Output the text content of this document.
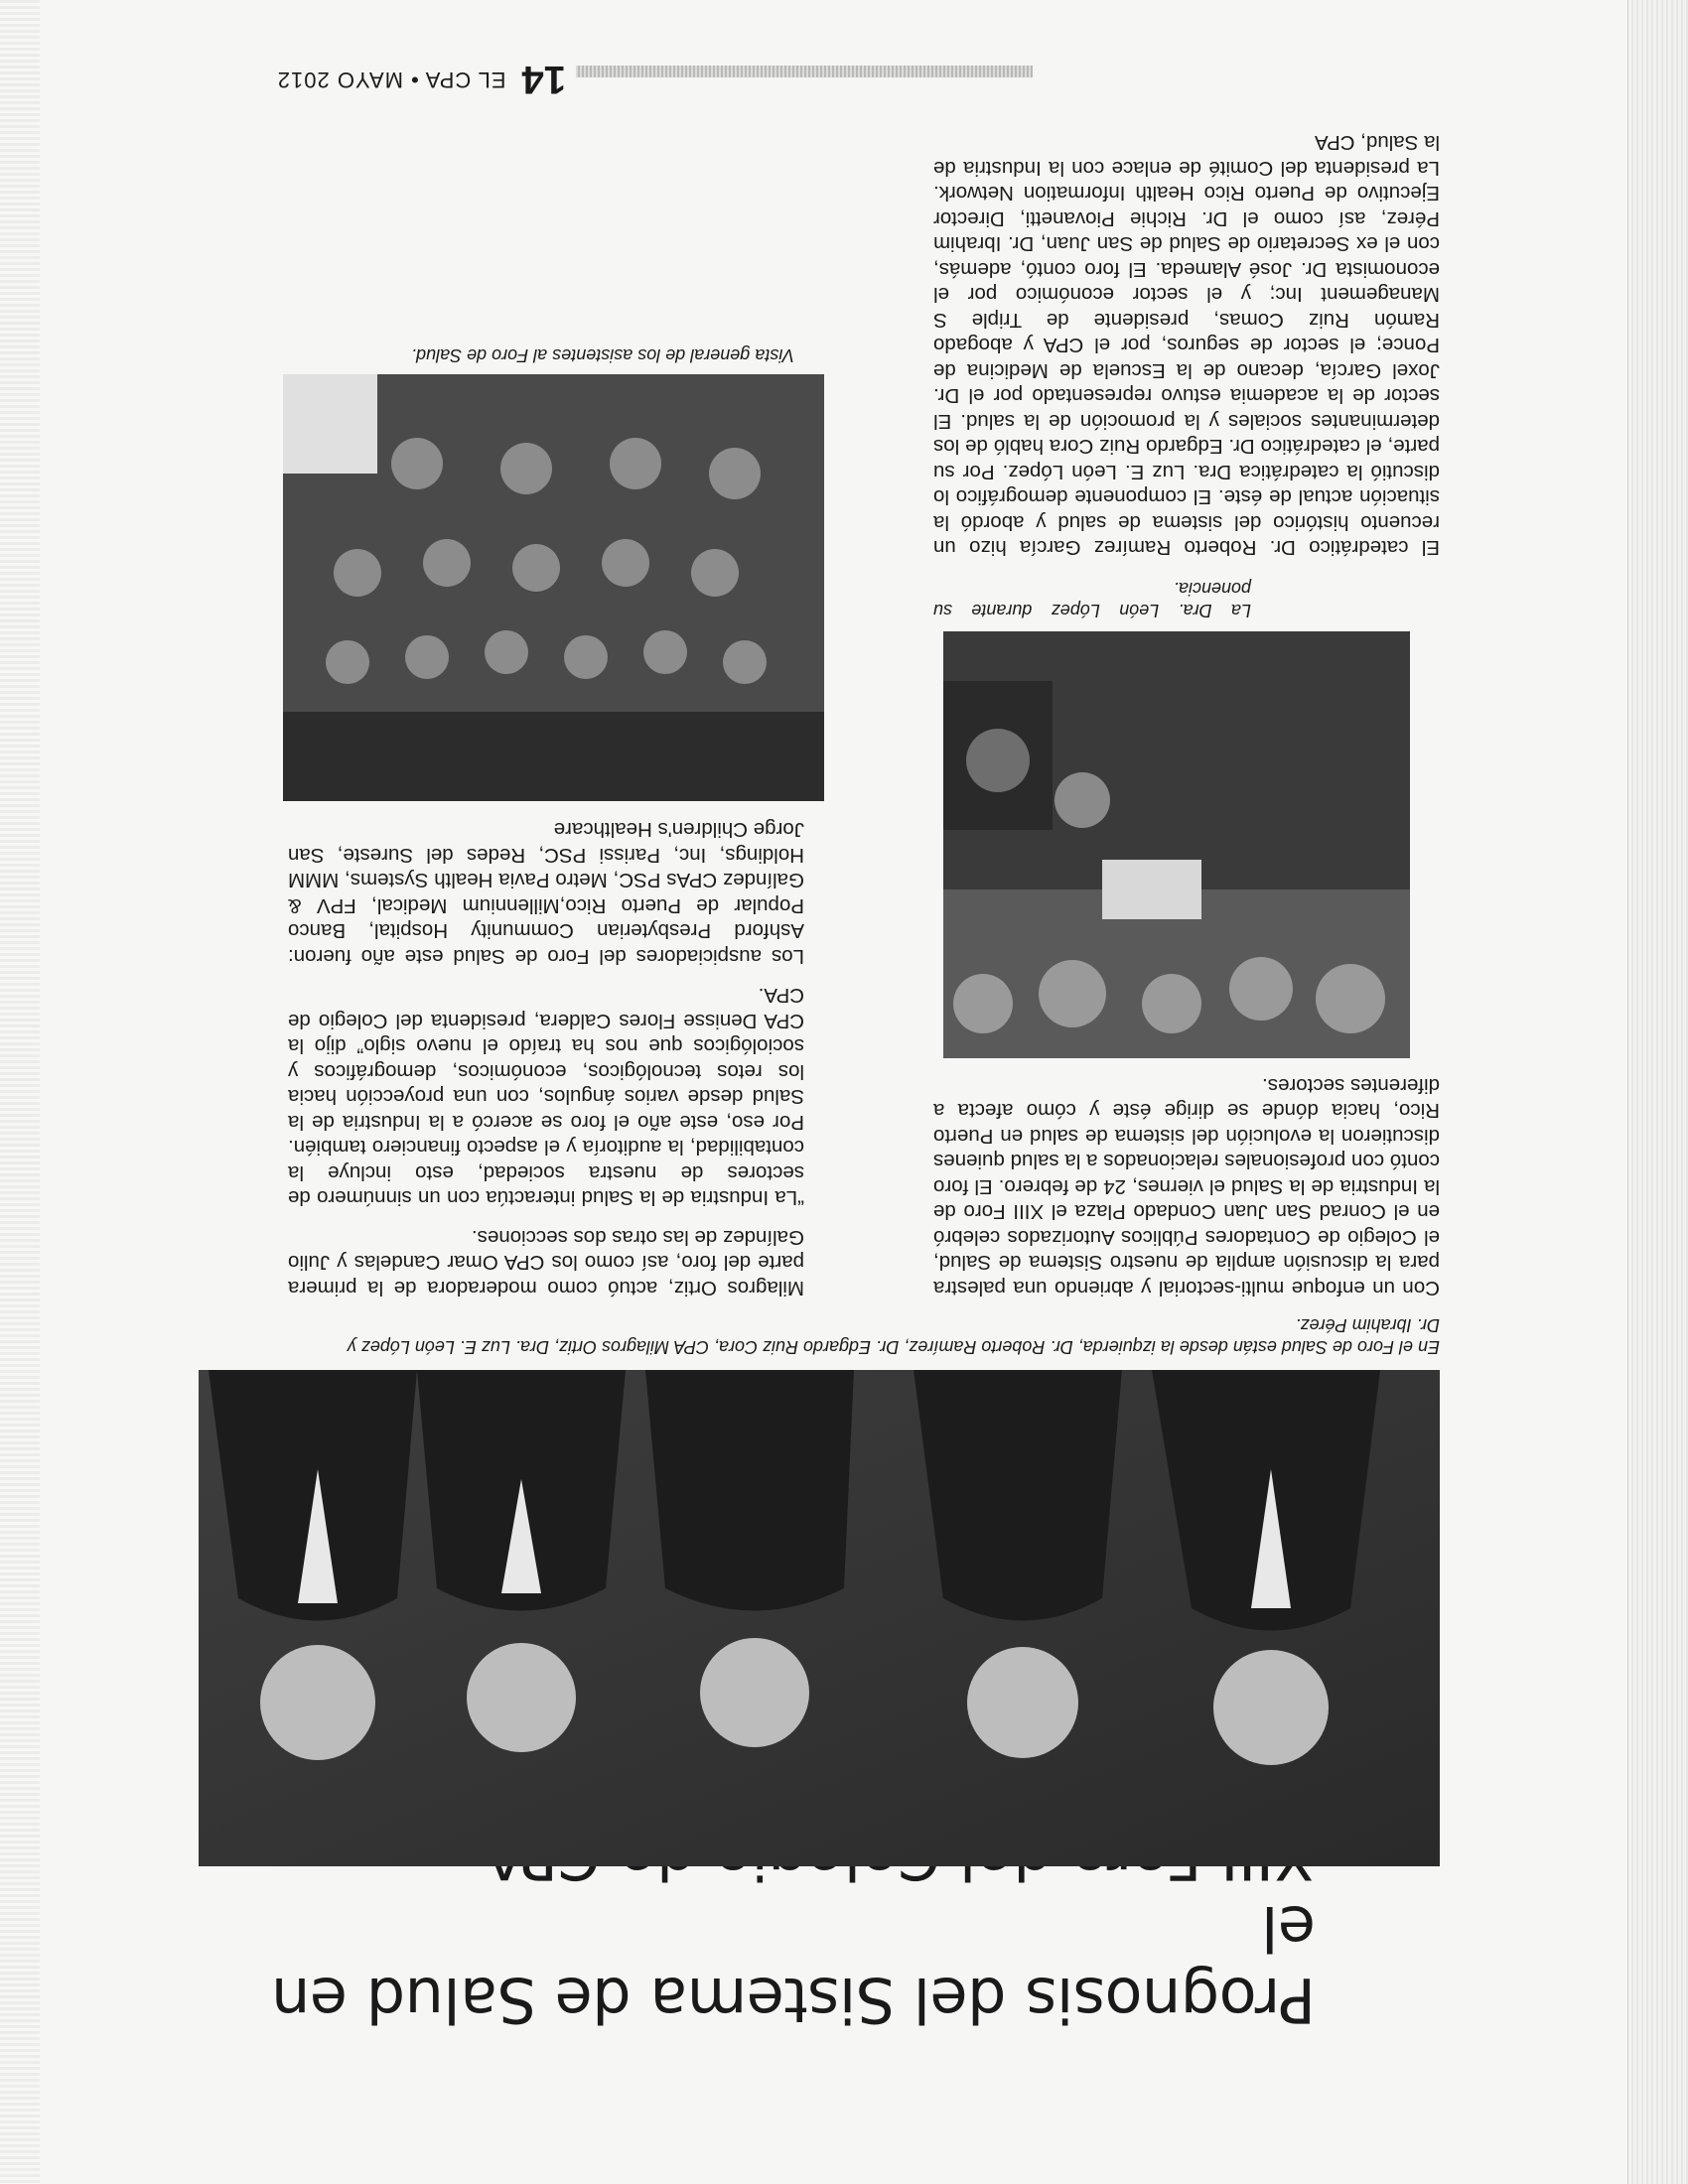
Prognosis del Sistema de Salud en el

En el Foro de Salud están desde la izquierda, Dr. Roberto Ramírez, Dr. Edgardo Ruiz Cora, CPA Milagros Ortiz, Dra. Luz E. León López y Dr. Ibrahim Pérez.

Con un enfoque multi-sectorial y abriendo una palestra para la discusión amplia de nuestro Sistema de Salud, el Colegio de Contadores Públicos Autorizados celebró en el Conrad San Juan Condado Plaza el XIII Foro de la Industria de la Salud el viernes, 24 de febrero. El foro contó con profesionales relacionados a la salud quienes discutieron la evolución del sistema de salud en Puerto Rico, hacia dónde se dirige éste y cómo afecta a diferentes sectores.

La Dra. León López durante su ponencia.

El catedrático Dr. Roberto Ramírez García hizo un recuento histórico del sistema de salud y abordó la situación actual de éste. El componente demográfico lo discutió la catedrática Dra. Luz E. León López. Por su parte, el catedrático Dr. Edgardo Ruiz Cora habló de los determinantes sociales y la promoción de la salud. El sector de la academia estuvo representado por el Dr. Joxel García, decano de la Escuela de Medicina de Ponce; el sector de seguros, por el CPA y abogado Ramón Ruiz Comas, presidente de Triple S Management Inc; y el sector económico por el economista Dr. José Alameda. El foro contó, además, con el ex Secretario de Salud de San Juan, Dr. Ibrahim Pérez, así como el Dr. Richie Piovanetti, Director Ejecutivo de Puerto Rico Health Information Network. La presidenta del Comité de enlace con la Industria de la Salud, CPA

Milagros Ortiz, actuó como moderadora de la primera parte del foro, así como los CPA Omar Candelas y Julio Galíndez de las otras dos secciones.

“La Industria de la Salud interactúa con un sinnúmero de sectores de nuestra sociedad, esto incluye la contabilidad, la auditoría y el aspecto financiero también. Por eso, este año el foro se acercó a la Industria de la Salud desde varios ángulos, con una proyección hacia los retos tecnológicos, económicos, demográficos y sociológicos que nos ha traído el nuevo siglo” dijo la CPA Denisse Flores Caldera, presidenta del Colegio de CPA.

Los auspiciadores del Foro de Salud este año fueron: Ashford Presbyterian Community Hospital, Banco Popular de Puerto Rico,Millennium Medical, FPV & Galíndez CPAs PSC, Metro Pavia Health Systems, MMM Holdings, Inc, Parissi PSC, Redes del Sureste, San Jorge Children's Healthcare

Vista general de los asistentes al Foro de Salud.

14
EL CPA • MAYO 2012
